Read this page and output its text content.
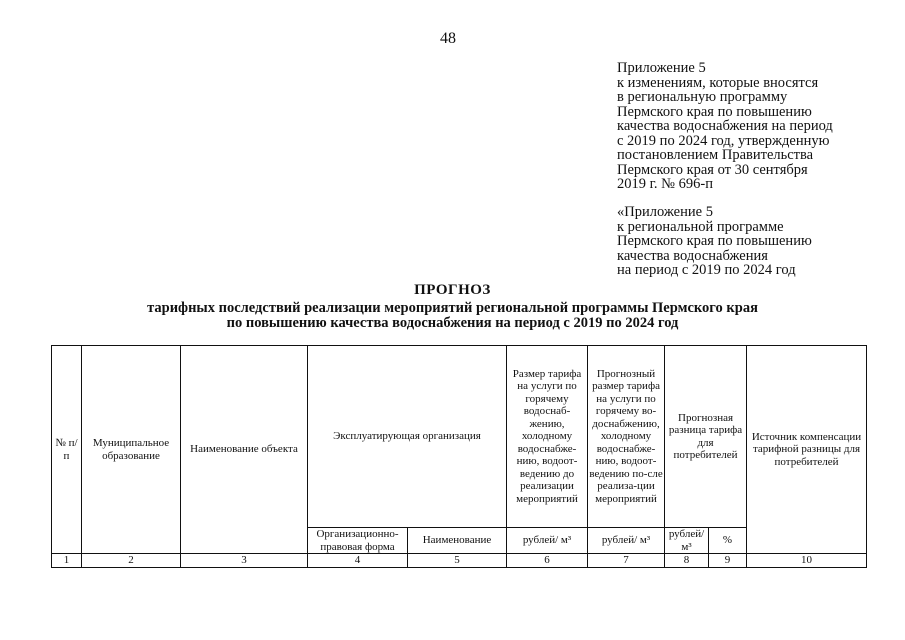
48
Приложение 5
к изменениям, которые вносятся
в региональную программу
Пермского края по повышению
качества водоснабжения на период
с 2019 по 2024 год, утвержденную
постановлением Правительства
Пермского края от 30 сентября
2019 г. № 696-п
«Приложение 5
к региональной программе
Пермского края по повышению
качества водоснабжения
на период с 2019 по 2024 год
ПРОГНОЗ
тарифных последствий реализации мероприятий региональной программы Пермского края
по повышению качества водоснабжения на период с 2019 по 2024 год
№ п/п	Муниципальное образование	Наименование объекта	Эксплуатирующая организация		Размер тарифа на услуги по горячему водоснаб-жению, холодному водоснабже-нию, водоот-ведению до реализации мероприятий	Прогнозный размер тарифа на услуги по горячему во-доснабжению, холодному водоснабже-нию, водоот-ведению по-сле реализа-ции мероприятий	Прогнозная разница тарифа для потребителей		Источник компенсации тарифной разницы для потребителей
			Организационно-правовая форма	Наименование	рублей/ м³	рублей/ м³	рублей/ м³	%	
1	2	3	4	5	6	7	8	9	10
